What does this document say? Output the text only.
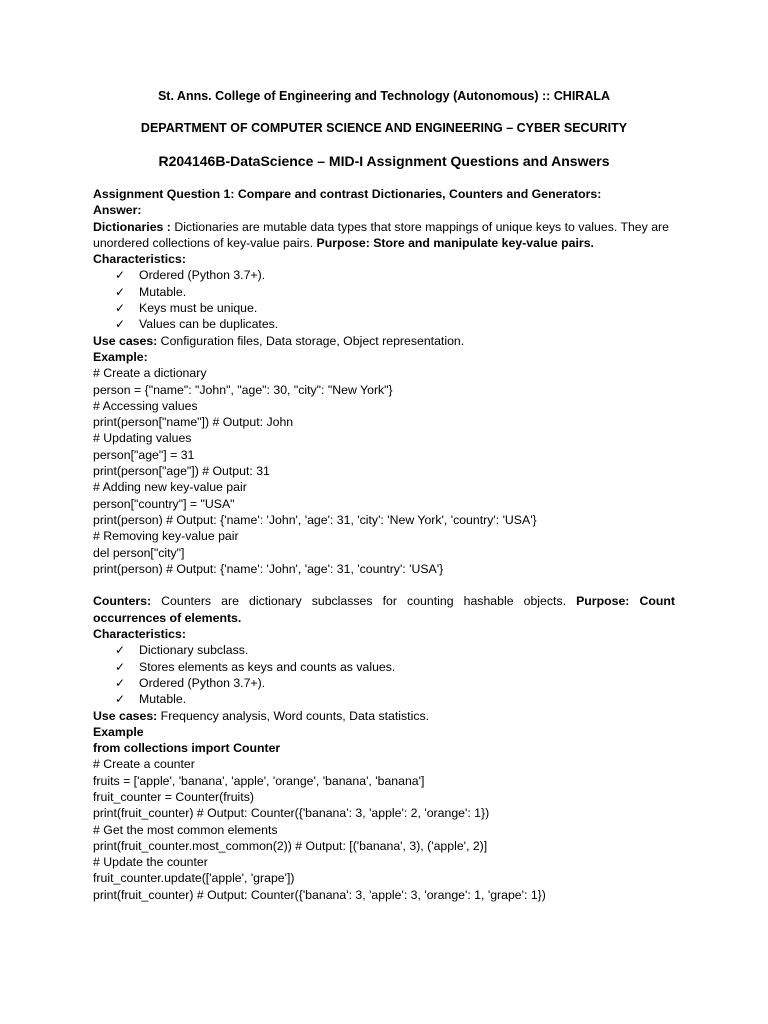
St. Anns. College of Engineering and Technology (Autonomous) :: CHIRALA
DEPARTMENT OF COMPUTER SCIENCE AND ENGINEERING – CYBER SECURITY
R204146B-DataScience – MID-I Assignment Questions and Answers

Assignment Question 1: Compare and contrast Dictionaries, Counters and Generators:

Answer:

Dictionaries : Dictionaries are mutable data types that store mappings of unique keys to values. They are unordered collections of key-value pairs. Purpose: Store and manipulate key-value pairs.

Characteristics:

✓ Ordered (Python 3.7+).
✓ Mutable.
✓ Keys must be unique.
✓ Values can be duplicates.

Use cases: Configuration files, Data storage, Object representation.

Example:

# Create a dictionary

person = {"name": "John", "age": 30, "city": "New York"}

# Accessing values

print(person["name"]) # Output: John

# Updating values

person["age"] = 31

print(person["age"]) # Output: 31

# Adding new key-value pair

person["country"] = "USA"

print(person) # Output: {'name': 'John', 'age': 31, 'city': 'New York', 'country': 'USA'}

# Removing key-value pair

del person["city"]

print(person) # Output: {'name': 'John', 'age': 31, 'country': 'USA'}

Counters: Counters are dictionary subclasses for counting hashable objects. Purpose: Count occurrences of elements.

Characteristics:

✓ Dictionary subclass.
✓ Stores elements as keys and counts as values.
✓ Ordered (Python 3.7+).
✓ Mutable.

Use cases: Frequency analysis, Word counts, Data statistics.

Example

from collections import Counter

# Create a counter

fruits = ['apple', 'banana', 'apple', 'orange', 'banana', 'banana']

fruit_counter = Counter(fruits)

print(fruit_counter) # Output: Counter({'banana': 3, 'apple': 2, 'orange': 1})

# Get the most common elements

print(fruit_counter.most_common(2)) # Output: [('banana', 3), ('apple', 2)]

# Update the counter

fruit_counter.update(['apple', 'grape'])

print(fruit_counter) # Output: Counter({'banana': 3, 'apple': 3, 'orange': 1, 'grape': 1})
